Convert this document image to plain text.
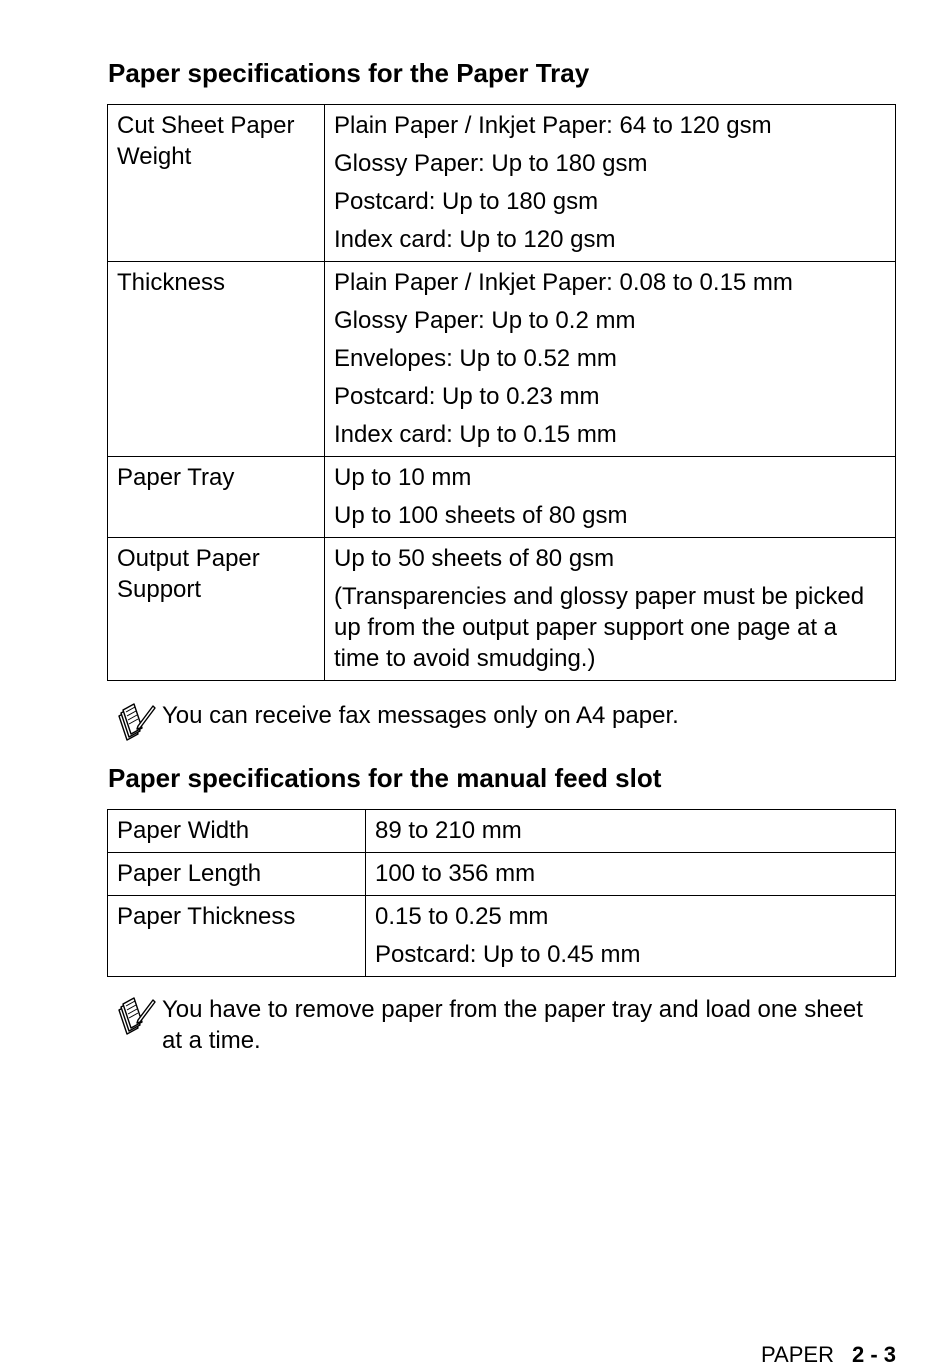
Paper specifications for the Paper Tray
Cut Sheet Paper Weight	Plain Paper / Inkjet Paper: 64 to 120 gsm
Glossy Paper: Up to 180 gsm
Postcard: Up to 180 gsm
Index card: Up to 120 gsm

Thickness	Plain Paper / Inkjet Paper: 0.08 to 0.15 mm
Glossy Paper: Up to 0.2 mm
Envelopes: Up to 0.52 mm
Postcard: Up to 0.23 mm
Index card: Up to 0.15 mm

Paper Tray	Up to 10 mm
Up to 100 sheets of 80 gsm

Output Paper Support	Up to 50 sheets of 80 gsm
(Transparencies and glossy paper must be picked up from the output paper support one page at a time to avoid smudging.)
You can receive fax messages only on A4 paper.
Paper specifications for the manual feed slot
Paper Width	89 to 210 mm

Paper Length	100 to 356 mm

Paper Thickness	0.15 to 0.25 mm
Postcard: Up to 0.45 mm
You have to remove paper from the paper tray and load one sheet at a time.
PAPER 2 - 3
